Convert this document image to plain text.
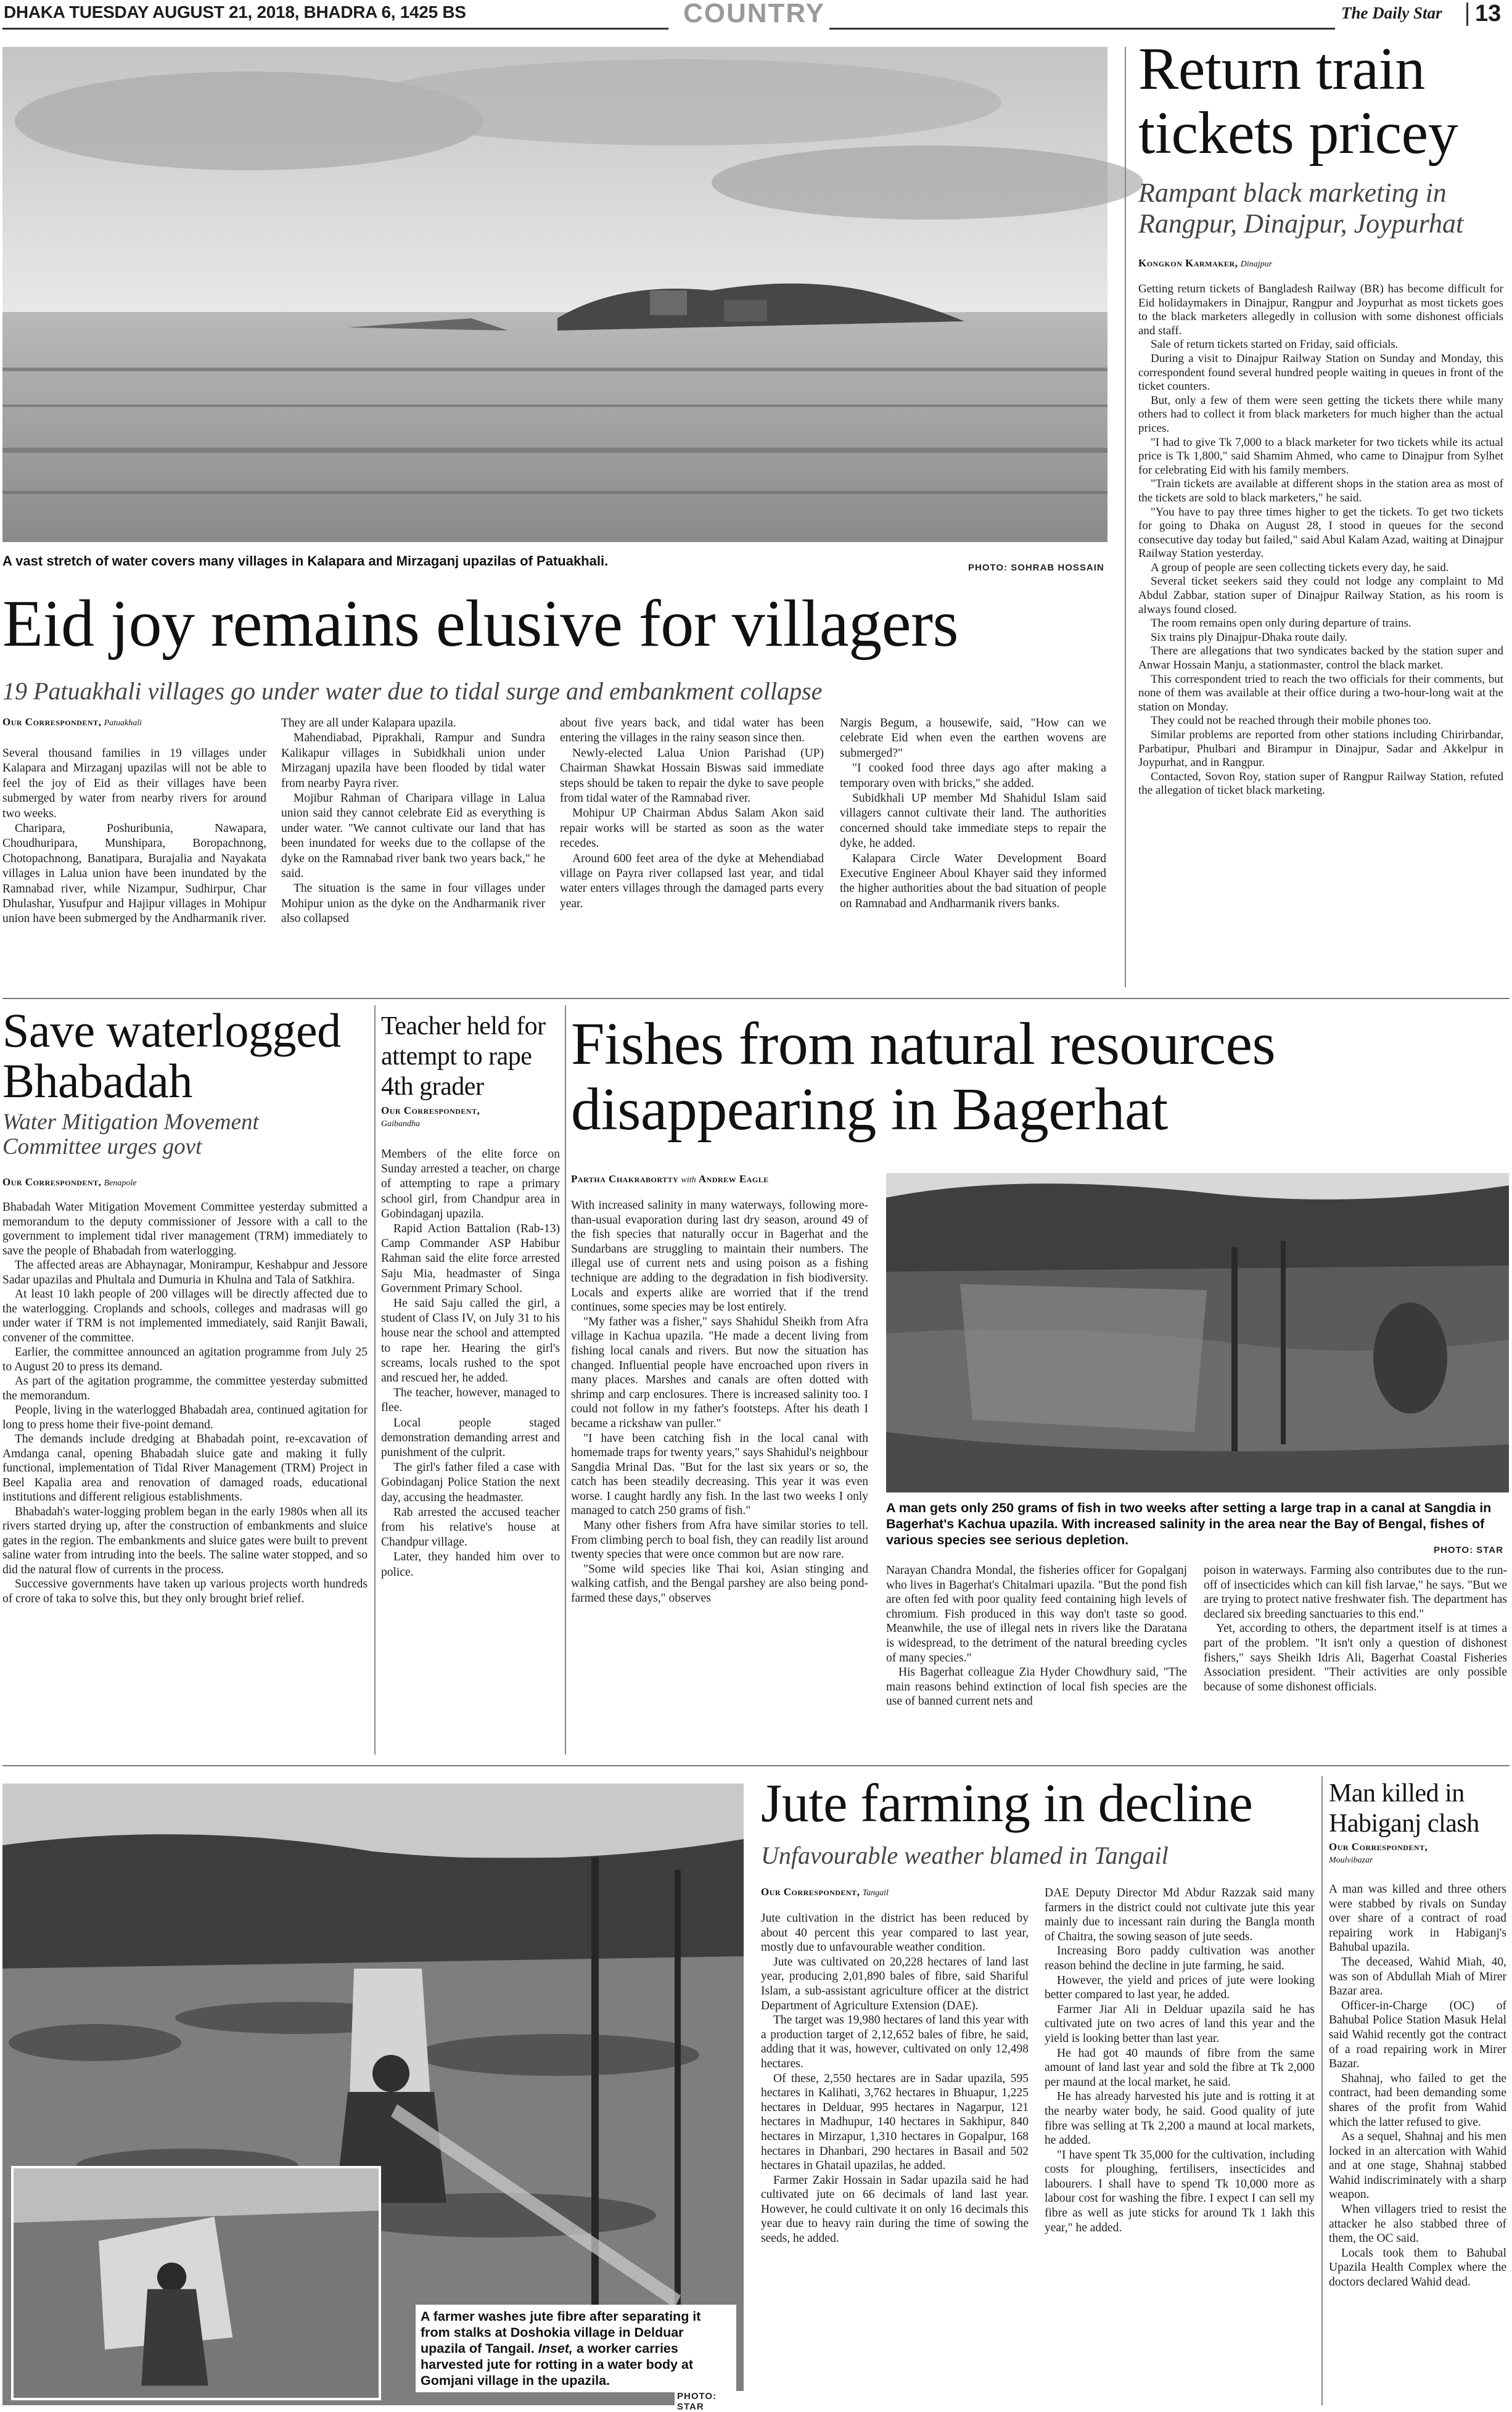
DHAKA TUESDAY AUGUST 21, 2018, BHADRA 6, 1425 BS	COUNTRY	The Daily Star 13
A vast stretch of water covers many villages in Kalapara and Mirzaganj upazilas of Patuakhali.	PHOTO: SOHRAB HOSSAIN
Eid joy remains elusive for villagers
19 Patuakhali villages go under water due to tidal surge and embankment collapse
Our Correspondent, Patuakhali

Several thousand families in 19 villages under Kalapara and Mirzaganj upazilas will not be able to feel the joy of Eid as their villages have been submerged by water from nearby rivers for around two weeks.

Charipara, Poshuribunia, Nawapara, Choudhuripara, Munshipara, Boropachnong, Chotopachnong, Banatipara, Burajalia and Nayakata villages in Lalua union have been inundated by the Ramnabad river, while Nizampur, Sudhirpur, Char Dhulashar, Yusufpur and Hajipur villages in Mohipur union have been submerged by the Andharmanik river.

They are all under Kalapara upazila.

Mahendiabad, Piprakhali, Rampur and Sundra Kalikapur villages in Subidkhali union under Mirzaganj upazila have been flooded by tidal water from nearby Payra river.

Mojibur Rahman of Charipara village in Lalua union said they cannot celebrate Eid as everything is under water. "We cannot cultivate our land that has been inundated for weeks due to the collapse of the dyke on the Ramnabad river bank two years back," he said.

The situation is the same in four villages under Mohipur union as the dyke on the Andharmanik river also collapsed

about five years back, and tidal water has been entering the villages in the rainy season since then.

Newly-elected Lalua Union Parishad (UP) Chairman Shawkat Hossain Biswas said immediate steps should be taken to repair the dyke to save people from tidal water of the Ramnabad river.

Mohipur UP Chairman Abdus Salam Akon said repair works will be started as soon as the water recedes.

Around 600 feet area of the dyke at Mehendiabad village on Payra river collapsed last year, and tidal water enters villages through the damaged parts every year.

Nargis Begum, a housewife, said, "How can we celebrate Eid when even the earthen wovens are submerged?"

"I cooked food three days ago after making a temporary oven with bricks," she added.

Subidkhali UP member Md Shahidul Islam said villagers cannot cultivate their land. The authorities concerned should take immediate steps to repair the dyke, he added.

Kalapara Circle Water Development Board Executive Engineer Aboul Khayer said they informed the higher authorities about the bad situation of people on Ramnabad and Andharmanik rivers banks.

Return train tickets pricey
Rampant black marketing in Rangpur, Dinajpur, Joypurhat
Kongkon Karmaker, Dinajpur

Getting return tickets of Bangladesh Railway (BR) has become difficult for Eid holidaymakers in Dinajpur, Rangpur and Joypurhat as most tickets goes to the black marketers allegedly in collusion with some dishonest officials and staff.

Sale of return tickets started on Friday, said officials.

During a visit to Dinajpur Railway Station on Sunday and Monday, this correspondent found several hundred people waiting in queues in front of the ticket counters.

But, only a few of them were seen getting the tickets there while many others had to collect it from black marketers for much higher than the actual prices.

"I had to give Tk 7,000 to a black marketer for two tickets while its actual price is Tk 1,800," said Shamim Ahmed, who came to Dinajpur from Sylhet for celebrating Eid with his family members.

"Train tickets are available at different shops in the station area as most of the tickets are sold to black marketers," he said.

"You have to pay three times higher to get the tickets. To get two tickets for going to Dhaka on August 28, I stood in queues for the second consecutive day today but failed," said Abul Kalam Azad, waiting at Dinajpur Railway Station yesterday.

A group of people are seen collecting tickets every day, he said.

Several ticket seekers said they could not lodge any complaint to Md Abdul Zabbar, station super of Dinajpur Railway Station, as his room is always found closed.

The room remains open only during departure of trains.

Six trains ply Dinajpur-Dhaka route daily.

There are allegations that two syndicates backed by the station super and Anwar Hossain Manju, a stationmaster, control the black market.

This correspondent tried to reach the two officials for their comments, but none of them was available at their office during a two-hour-long wait at the station on Monday.

They could not be reached through their mobile phones too.

Similar problems are reported from other stations including Chirirbandar, Parbatipur, Phulbari and Birampur in Dinajpur, Sadar and Akkelpur in Joypurhat, and in Rangpur.

Contacted, Sovon Roy, station super of Rangpur Railway Station, refuted the allegation of ticket black marketing.

Save waterlogged Bhabadah
Water Mitigation Movement Committee urges govt
Our Correspondent, Benapole

Bhabadah Water Mitigation Movement Committee yesterday submitted a memorandum to the deputy commissioner of Jessore with a call to the government to implement tidal river management (TRM) immediately to save the people of Bhabadah from waterlogging.

The affected areas are Abhaynagar, Monirampur, Keshabpur and Jessore Sadar upazilas and Phultala and Dumuria in Khulna and Tala of Satkhira.

At least 10 lakh people of 200 villages will be directly affected due to the waterlogging. Croplands and schools, colleges and madrasas will go under water if TRM is not implemented immediately, said Ranjit Bawali, convener of the committee.

Earlier, the committee announced an agitation programme from July 25 to August 20 to press its demand.

As part of the agitation programme, the committee yesterday submitted the memorandum.

People, living in the waterlogged Bhabadah area, continued agitation for long to press home their five-point demand.

The demands include dredging at Bhabadah point, re-excavation of Amdanga canal, opening Bhabadah sluice gate and making it fully functional, implementation of Tidal River Management (TRM) Project in Beel Kapalia area and renovation of damaged roads, educational institutions and different religious establishments.

Bhabadah's water-logging problem began in the early 1980s when all its rivers started drying up, after the construction of embankments and sluice gates in the region. The embankments and sluice gates were built to prevent saline water from intruding into the beels. The saline water stopped, and so did the natural flow of currents in the process.

Successive governments have taken up various projects worth hundreds of crore of taka to solve this, but they only brought brief relief.

Teacher held for attempt to rape 4th grader
Our Correspondent,
Gaibandha

Members of the elite force on Sunday arrested a teacher, on charge of attempting to rape a primary school girl, from Chandpur area in Gobindaganj upazila.

Rapid Action Battalion (Rab-13) Camp Commander ASP Habibur Rahman said the elite force arrested Saju Mia, headmaster of Singa Government Primary School.

He said Saju called the girl, a student of Class IV, on July 31 to his house near the school and attempted to rape her. Hearing the girl's screams, locals rushed to the spot and rescued her, he added.

The teacher, however, managed to flee.

Local people staged demonstration demanding arrest and punishment of the culprit.

The girl's father filed a case with Gobindaganj Police Station the next day, accusing the headmaster.

Rab arrested the accused teacher from his relative's house at Chandpur village.

Later, they handed him over to police.

Fishes from natural resources disappearing in Bagerhat
Partha Chakrabortty with Andrew Eagle

With increased salinity in many waterways, following more-than-usual evaporation during last dry season, around 49 of the fish species that naturally occur in Bagerhat and the Sundarbans are struggling to maintain their numbers. The illegal use of current nets and using poison as a fishing technique are adding to the degradation in fish biodiversity. Locals and experts alike are worried that if the trend continues, some species may be lost entirely.

"My father was a fisher," says Shahidul Sheikh from Afra village in Kachua upazila. "He made a decent living from fishing local canals and rivers. But now the situation has changed. Influential people have encroached upon rivers in many places. Marshes and canals are often dotted with shrimp and carp enclosures. There is increased salinity too. I could not follow in my father's footsteps. After his death I became a rickshaw van puller."

"I have been catching fish in the local canal with homemade traps for twenty years," says Shahidul's neighbour Sangdia Mrinal Das. "But for the last six years or so, the catch has been steadily decreasing. This year it was even worse. I caught hardly any fish. In the last two weeks I only managed to catch 250 grams of fish."

Many other fishers from Afra have similar stories to tell. From climbing perch to boal fish, they can readily list around twenty species that were once common but are now rare.

"Some wild species like Thai koi, Asian stinging and walking catfish, and the Bengal parshey are also being pond-farmed these days," observes

A man gets only 250 grams of fish in two weeks after setting a large trap in a canal at Sangdia in Bagerhat's Kachua upazila. With increased salinity in the area near the Bay of Bengal, fishes of various species see serious depletion.
PHOTO: STAR

Narayan Chandra Mondal, the fisheries officer for Gopalganj who lives in Bagerhat's Chitalmari upazila. "But the pond fish are often fed with poor quality feed containing high levels of chromium. Fish produced in this way don't taste so good. Meanwhile, the use of illegal nets in rivers like the Daratana is widespread, to the detriment of the natural breeding cycles of many species."

His Bagerhat colleague Zia Hyder Chowdhury said, "The main reasons behind extinction of local fish species are the use of banned current nets and

poison in waterways. Farming also contributes due to the run-off of insecticides which can kill fish larvae," he says. "But we are trying to protect native freshwater fish. The department has declared six breeding sanctuaries to this end."

Yet, according to others, the department itself is at times a part of the problem. "It isn't only a question of dishonest fishers," says Sheikh Idris Ali, Bagerhat Coastal Fisheries Association president. "Their activities are only possible because of some dishonest officials.

A farmer washes jute fibre after separating it from stalks at Doshokia village in Delduar upazila of Tangail. Inset, a worker carries harvested jute for rotting in a water body at Gomjani village in the upazila.
PHOTO: STAR
Jute farming in decline
Unfavourable weather blamed in Tangail
Our Correspondent, Tangail

Jute cultivation in the district has been reduced by about 40 percent this year compared to last year, mostly due to unfavourable weather condition.

Jute was cultivated on 20,228 hectares of land last year, producing 2,01,890 bales of fibre, said Shariful Islam, a sub-assistant agriculture officer at the district Department of Agriculture Extension (DAE).

The target was 19,980 hectares of land this year with a production target of 2,12,652 bales of fibre, he said, adding that it was, however, cultivated on only 12,498 hectares.

Of these, 2,550 hectares are in Sadar upazila, 595 hectares in Kalihati, 3,762 hectares in Bhuapur, 1,225 hectares in Delduar, 995 hectares in Nagarpur, 121 hectares in Madhupur, 140 hectares in Sakhipur, 840 hectares in Mirzapur, 1,310 hectares in Gopalpur, 168 hectares in Dhanbari, 290 hectares in Basail and 502 hectares in Ghatail upazilas, he added.

Farmer Zakir Hossain in Sadar upazila said he had cultivated jute on 66 decimals of land last year. However, he could cultivate it on only 16 decimals this year due to heavy rain during the time of sowing the seeds, he added.

DAE Deputy Director Md Abdur Razzak said many farmers in the district could not cultivate jute this year mainly due to incessant rain during the Bangla month of Chaitra, the sowing season of jute seeds.

Increasing Boro paddy cultivation was another reason behind the decline in jute farming, he said.

However, the yield and prices of jute were looking better compared to last year, he added.

Farmer Jiar Ali in Delduar upazila said he has cultivated jute on two acres of land this year and the yield is looking better than last year.

He had got 40 maunds of fibre from the same amount of land last year and sold the fibre at Tk 2,000 per maund at the local market, he said.

He has already harvested his jute and is rotting it at the nearby water body, he said. Good quality of jute fibre was selling at Tk 2,200 a maund at local markets, he added.

"I have spent Tk 35,000 for the cultivation, including costs for ploughing, fertilisers, insecticides and labourers. I shall have to spend Tk 10,000 more as labour cost for washing the fibre. I expect I can sell my fibre as well as jute sticks for around Tk 1 lakh this year," he added.

Man killed in Habiganj clash
Our Correspondent,
Moulvibazar

A man was killed and three others were stabbed by rivals on Sunday over share of a contract of road repairing work in Habiganj's Bahubal upazila.

The deceased, Wahid Miah, 40, was son of Abdullah Miah of Mirer Bazar area.

Officer-in-Charge (OC) of Bahubal Police Station Masuk Helal said Wahid recently got the contract of a road repairing work in Mirer Bazar.

Shahnaj, who failed to get the contract, had been demanding some shares of the profit from Wahid which the latter refused to give.

As a sequel, Shahnaj and his men locked in an altercation with Wahid and at one stage, Shahnaj stabbed Wahid indiscriminately with a sharp weapon.

When villagers tried to resist the attacker he also stabbed three of them, the OC said.

Locals took them to Bahubal Upazila Health Complex where the doctors declared Wahid dead.
